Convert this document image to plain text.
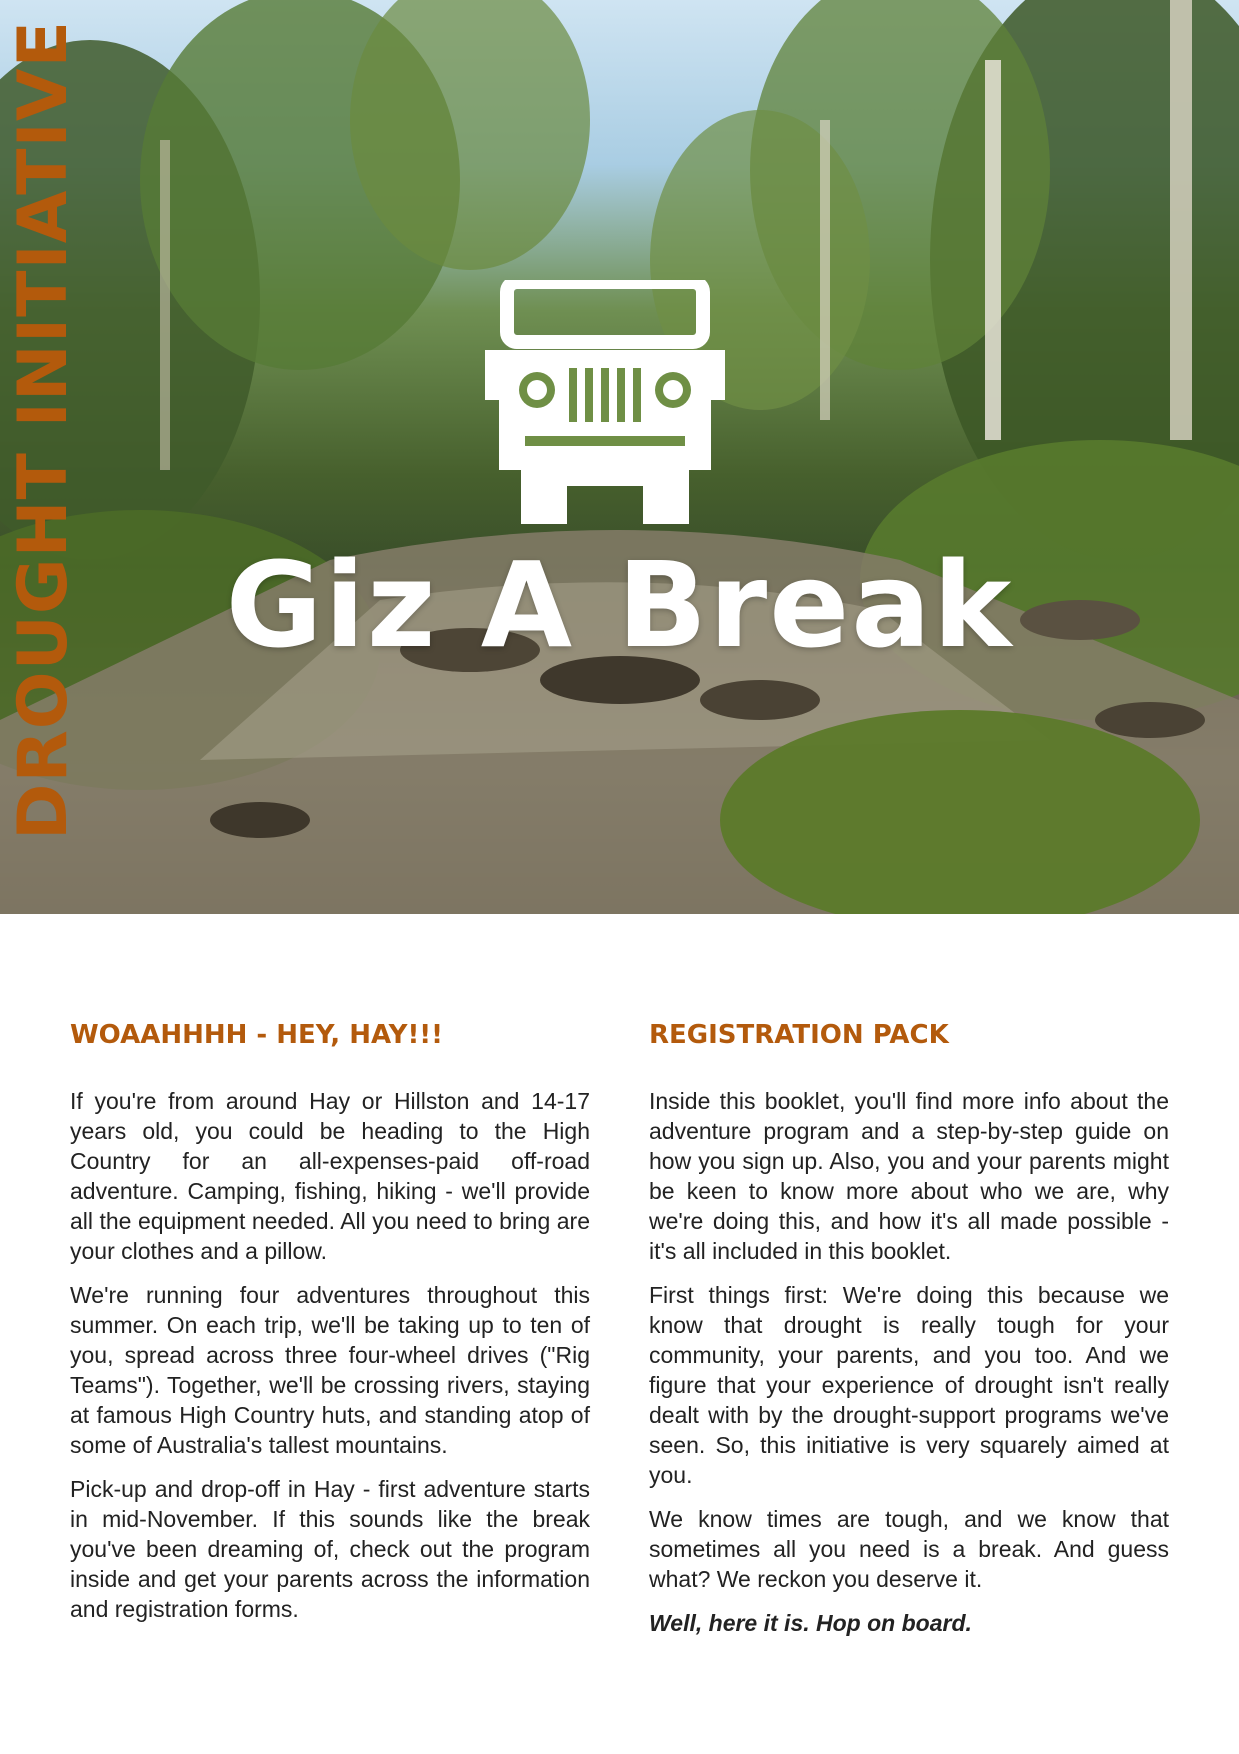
DROUGHT INITIATIVE	Giz A Break
WOAAHHHH - HEY, HAY!!!

If you're from around Hay or Hillston and 14-17 years old, you could be heading to the High Country for an all-expenses-paid off-road adventure. Camping, fishing, hiking - we'll provide all the equipment needed. All you need to bring are your clothes and a pillow.

We're running four adventures throughout this summer. On each trip, we'll be taking up to ten of you, spread across three four-wheel drives ("Rig Teams"). Together, we'll be crossing rivers, staying at famous High Country huts, and standing atop of some of Australia's tallest mountains.

Pick-up and drop-off in Hay - first adventure starts in mid-November. If this sounds like the break you've been dreaming of, check out the program inside and get your parents across the information and registration forms.

REGISTRATION PACK

Inside this booklet, you'll find more info about the adventure program and a step-by-step guide on how you sign up. Also, you and your parents might be keen to know more about who we are, why we're doing this, and how it's all made possible - it's all included in this booklet.

First things first: We're doing this because we know that drought is really tough for your community, your parents, and you too. And we figure that your experience of drought isn't really dealt with by the drought-support programs we've seen. So, this initiative is very squarely aimed at you.

We know times are tough, and we know that sometimes all you need is a break. And guess what? We reckon you deserve it.

Well, here it is. Hop on board.
